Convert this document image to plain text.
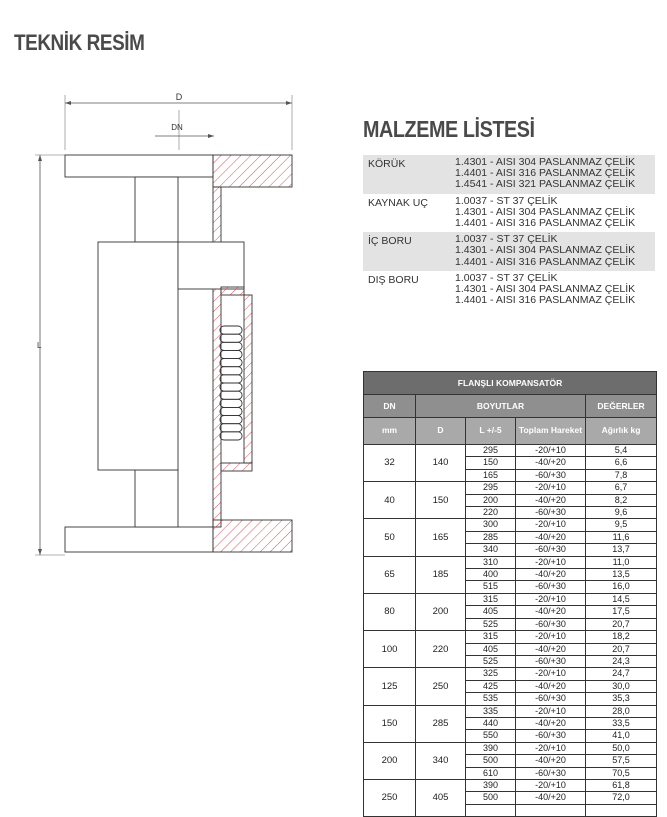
TEKNİK RESİM
D
DN
L
MALZEME LİSTESİ
KÖRÜK	1.4301 - AISI 304 PASLANMAZ ÇELİK
1.4401 - AISI 316 PASLANMAZ ÇELİK
1.4541 - AISI 321 PASLANMAZ ÇELİK
KAYNAK UÇ	1.0037 - ST 37 ÇELİK
1.4301 - AISI 304 PASLANMAZ ÇELİK
1.4401 - AISI 316 PASLANMAZ ÇELİK
İÇ BORU	1.0037 - ST 37 ÇELİK
1.4301 - AISI 304 PASLANMAZ ÇELİK
1.4401 - AISI 316 PASLANMAZ ÇELİK
DIŞ BORU	1.0037 - ST 37 ÇELİK
1.4301 - AISI 304 PASLANMAZ ÇELİK
1.4401 - AISI 316 PASLANMAZ ÇELİK
FLANŞLI KOMPANSATÖR				
DN	BOYUTLAR			DEĞERLER
mm	D	L +/-5	Toplam Hareket	Ağırlık kg
32	140	295	-20/+10	5,4
		150	-40/+20	6,6
		165	-60/+30	7,8
40	150	295	-20/+10	6,7
		200	-40/+20	8,2
		220	-60/+30	9,6
50	165	300	-20/+10	9,5
		285	-40/+20	11,6
		340	-60/+30	13,7
65	185	310	-20/+10	11,0
		400	-40/+20	13,5
		515	-60/+30	16,0
80	200	315	-20/+10	14,5
		405	-40/+20	17,5
		525	-60/+30	20,7
100	220	315	-20/+10	18,2
		405	-40/+20	20,7
		525	-60/+30	24,3
125	250	325	-20/+10	24,7
		425	-40/+20	30,0
		535	-60/+30	35,3
150	285	335	-20/+10	28,0
		440	-40/+20	33,5
		550	-60/+30	41,0
200	340	390	-20/+10	50,0
		500	-40/+20	57,5
		610	-60/+30	70,5
250	405	390	-20/+10	61,8
		500	-40/+20	72,0
